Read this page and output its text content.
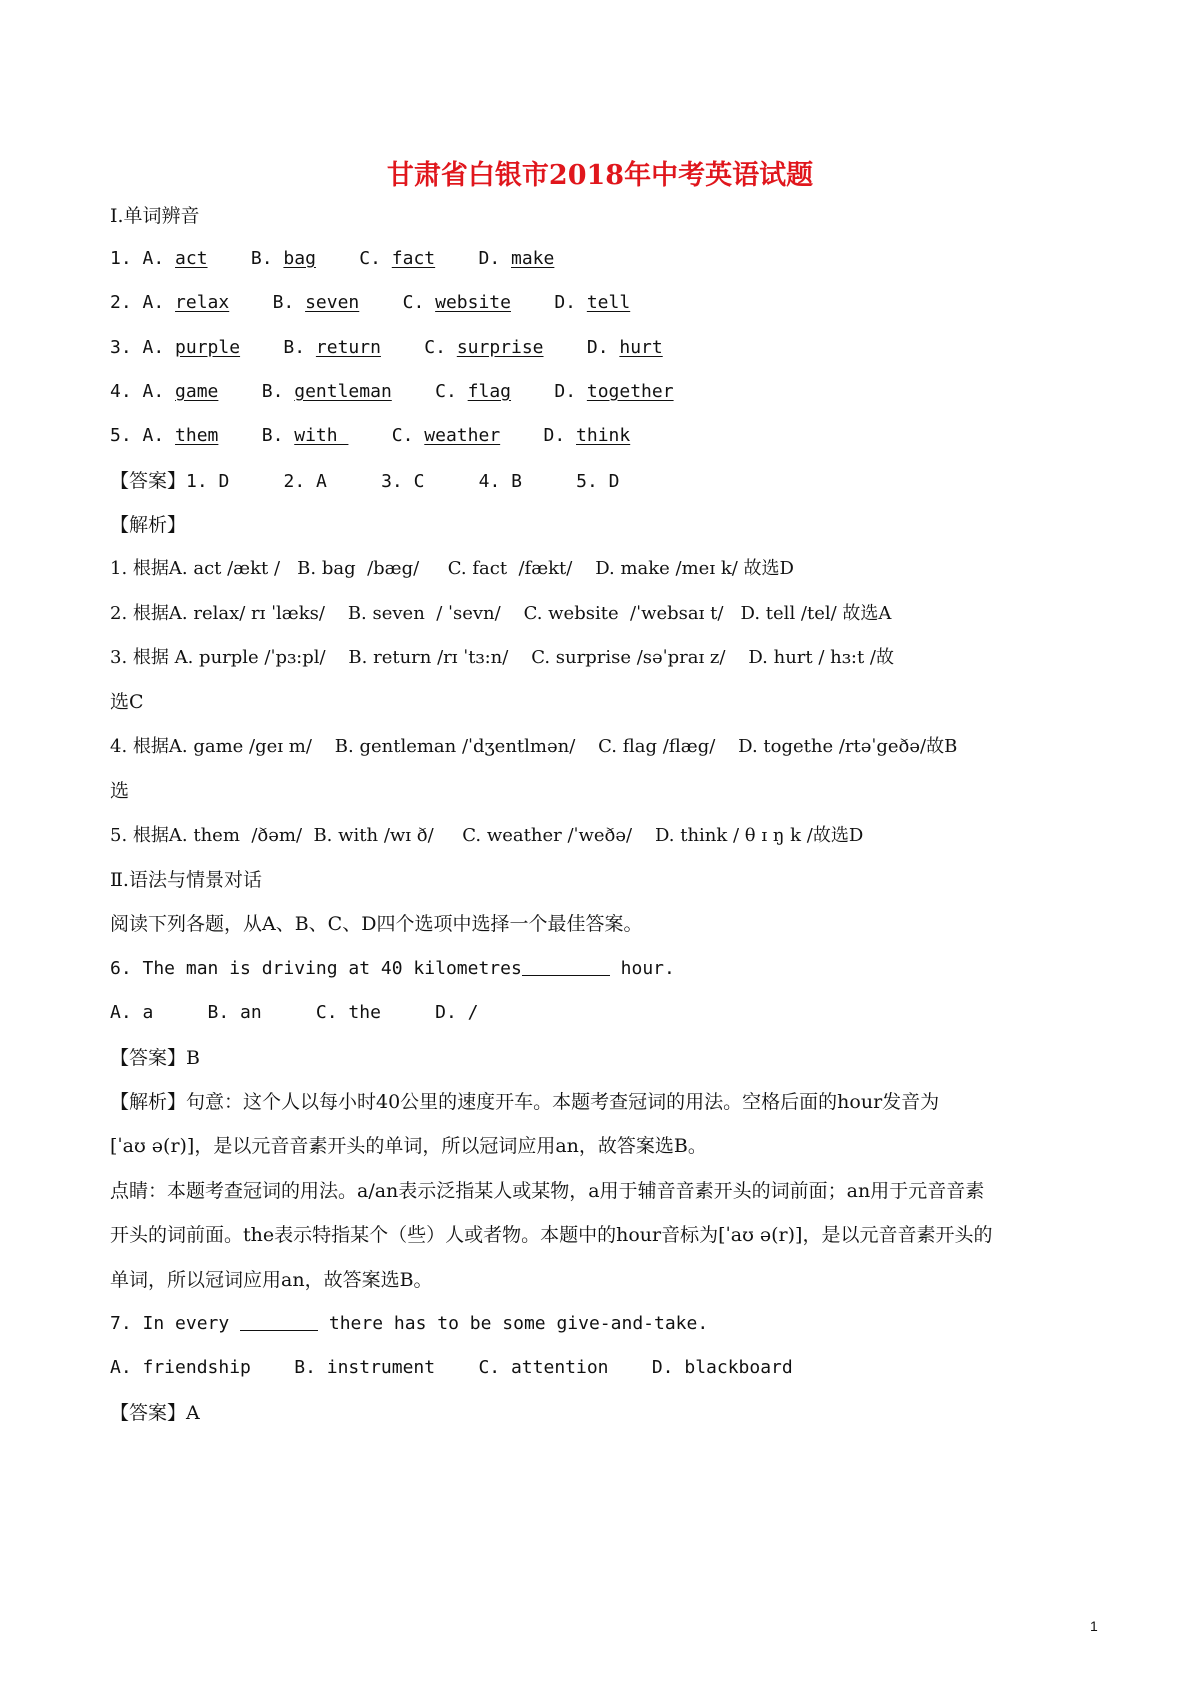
甘肃省白银市2018年中考英语试题
I.单词辨音
1. A. act    B. bag    C. fact    D. make
2. A. relax    B. seven    C. website    D. tell
3. A. purple    B. return    C. surprise    D. hurt
4. A. game    B. gentleman    C. flag    D. together
5. A. them    B. with     C. weather    D. think
【答案】1. D     2. A     3. C     4. B     5. D
【解析】
1. 根据A. act /ækt /   B. bag  /bæg/     C. fact  /fækt/    D. make /meɪ k/ 故选D
2. 根据A. relax/ rɪ ˈlæks/    B. seven  / ˈsevn/    C. website  /ˈwebsaɪ t/   D. tell /tel/ 故选A
3. 根据 A. purple /ˈpɜ:pl/    B. return /rɪ ˈtɜ:n/    C. surprise /səˈpraɪ z/    D. hurt / hɜ:t /故
选C
4. 根据A. game /geɪ m/    B. gentleman /ˈdʒentlmən/    C. flag /flæg/    D. togethe /rtəˈgeðə/故B
选
5. 根据A. them  /ðəm/  B. with /wɪ ð/     C. weather /ˈweðə/    D. think / θ ɪ ŋ k /故选D
Ⅱ.语法与情景对话
阅读下列各题，从A、B、C、D四个选项中选择一个最佳答案。
6. The man is driving at 40 kilometres	hour.
A. a     B. an     C. the     D. /
【答案】B
【解析】句意：这个人以每小时40公里的速度开车。本题考查冠词的用法。空格后面的hour发音为
[ˈaʊ ə(r)]，是以元音音素开头的单词，所以冠词应用an，故答案选B。
点睛：本题考查冠词的用法。a/an表示泛指某人或某物，a用于辅音音素开头的词前面；an用于元音音素
开头的词前面。the表示特指某个（些）人或者物。本题中的hour音标为[ˈaʊ ə(r)]，是以元音音素开头的
单词，所以冠词应用an，故答案选B。
7. In every	there has to be some give-and-take.
A. friendship    B. instrument    C. attention    D. blackboard
【答案】A
1
